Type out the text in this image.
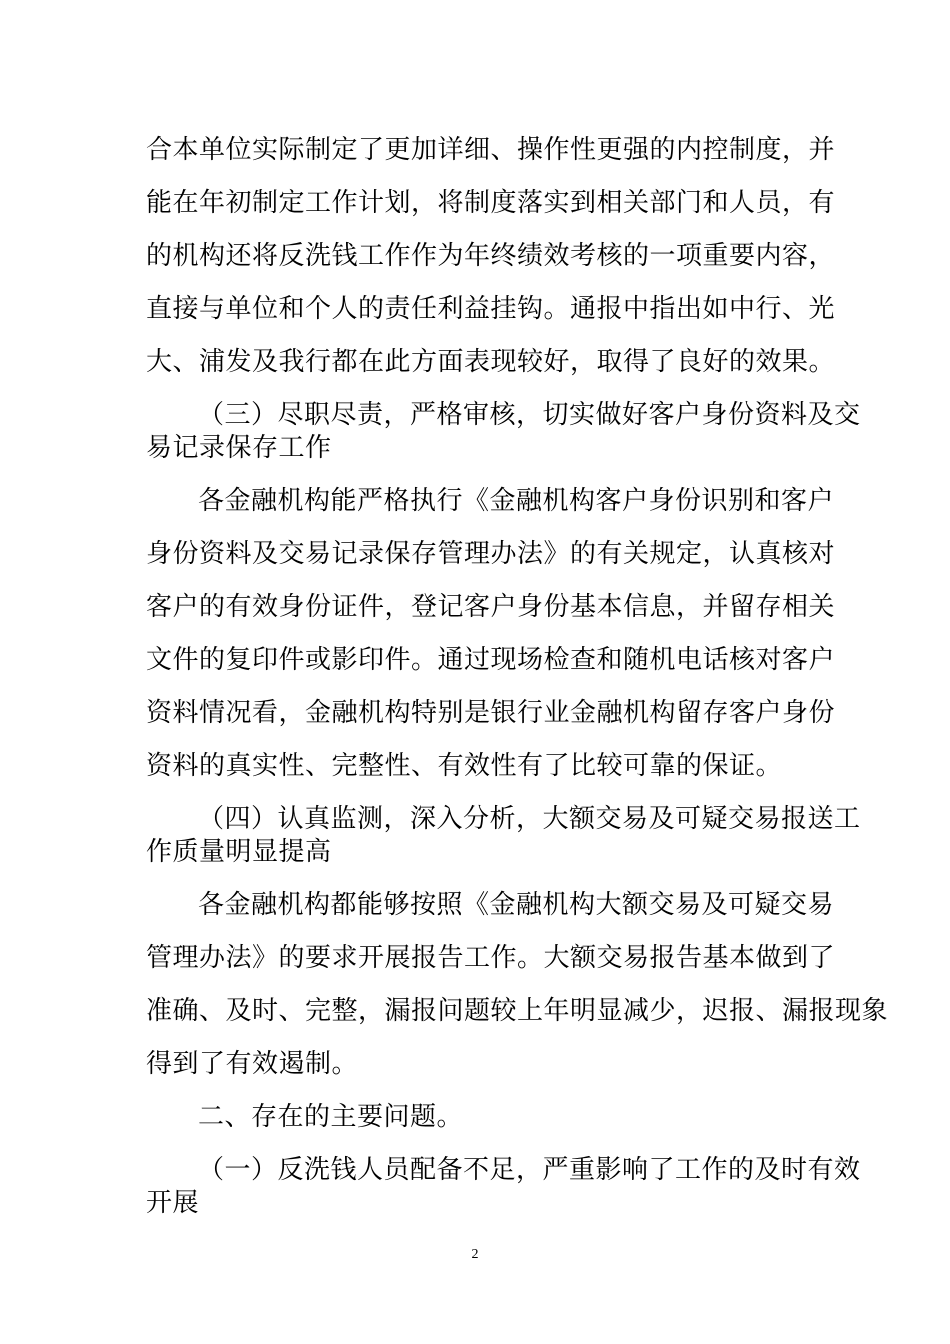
合本单位实际制定了更加详细、操作性更强的内控制度，并
能在年初制定工作计划，将制度落实到相关部门和人员，有
的机构还将反洗钱工作作为年终绩效考核的一项重要内容，
直接与单位和个人的责任利益挂钩。通报中指出如中行、光
大、浦发及我行都在此方面表现较好，取得了良好的效果。
（三）尽职尽责，严格审核，切实做好客户身份资料及交
易记录保存工作
各金融机构能严格执行《金融机构客户身份识别和客户
身份资料及交易记录保存管理办法》的有关规定，认真核对
客户的有效身份证件，登记客户身份基本信息，并留存相关
文件的复印件或影印件。通过现场检查和随机电话核对客户
资料情况看，金融机构特别是银行业金融机构留存客户身份
资料的真实性、完整性、有效性有了比较可靠的保证。
（四）认真监测，深入分析，大额交易及可疑交易报送工
作质量明显提高
各金融机构都能够按照《金融机构大额交易及可疑交易
管理办法》的要求开展报告工作。大额交易报告基本做到了
准确、及时、完整，漏报问题较上年明显减少，迟报、漏报现象
得到了有效遏制。
二、存在的主要问题。
（一）反洗钱人员配备不足，严重影响了工作的及时有效
开展
2
